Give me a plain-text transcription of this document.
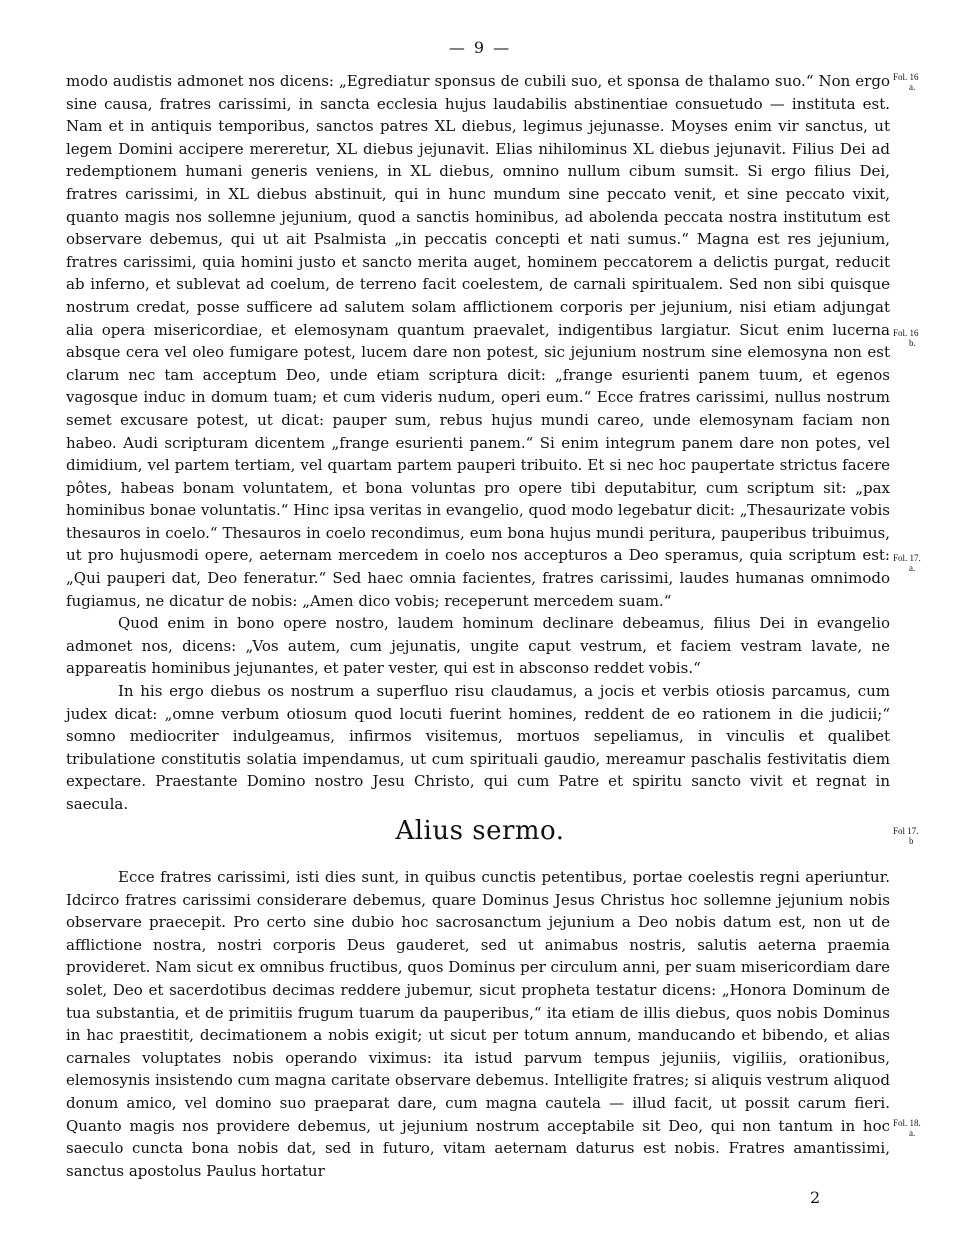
— 9 —

modo audistis admonet nos dicens: „Egrediatur sponsus de cubili suo, et sponsa de thalamo suo.“ Non ergo sine causa, fratres carissimi, in sancta ecclesia hujus laudabilis abstinentiae consuetudo — instituta est. Nam et in antiquis temporibus, sanctos patres XL diebus, legimus jejunasse. Moyses enim vir sanctus, ut legem Domini accipere mereretur, XL diebus jejunavit. Elias nihilominus XL diebus jejunavit. Filius Dei ad redemptionem humani generis veniens, in XL diebus, omnino nullum cibum sumsit. Si ergo filius Dei, fratres carissimi, in XL diebus abstinuit, qui in hunc mundum sine peccato venit, et sine peccato vixit, quanto magis nos sollemne jejunium, quod a sanctis hominibus, ad abolenda peccata nostra institutum est observare debemus, qui ut ait Psalmista „in peccatis concepti et nati sumus.“ Magna est res jejunium, fratres carissimi, quia homini justo et sancto merita auget, hominem peccatorem a delictis purgat, reducit ab inferno, et sublevat ad coelum, de terreno facit coelestem, de carnali spiritualem. Sed non sibi quisque nostrum credat, posse sufficere ad salutem solam afflictionem corporis per jejunium, nisi etiam adjungat alia opera misericordiae, et elemosynam quantum praevalet, indigentibus largiatur. Sicut enim lucerna absque cera vel oleo fumigare potest, lucem dare non potest, sic jejunium nostrum sine elemosyna non est clarum nec tam acceptum Deo, unde etiam scriptura dicit: „frange esurienti panem tuum, et egenos vagosque induc in domum tuam; et cum videris nudum, operi eum.“ Ecce fratres carissimi, nullus nostrum semet excusare potest, ut dicat: pauper sum, rebus hujus mundi careo, unde elemosynam faciam non habeo. Audi scripturam dicentem „frange esurienti panem.“ Si enim integrum panem dare non potes, vel dimidium, vel partem tertiam, vel quartam partem pauperi tribuito. Et si nec hoc paupertate strictus facere pôtes, habeas bonam voluntatem, et bona voluntas pro opere tibi deputabitur, cum scriptum sit: „pax hominibus bonae voluntatis.“ Hinc ipsa veritas in evangelio, quod modo legebatur dicit: „Thesaurizate vobis thesauros in coelo.“ Thesauros in coelo recondimus, eum bona hujus mundi peritura, pauperibus tribuimus, ut pro hujusmodi opere, aeternam mercedem in coelo nos accepturos a Deo speramus, quia scriptum est: „Qui pauperi dat, Deo feneratur.“ Sed haec omnia facientes, fratres carissimi, laudes humanas omnimodo fugiamus, ne dicatur de nobis: „Amen dico vobis; receperunt mercedem suam.“

Quod enim in bono opere nostro, laudem hominum declinare debeamus, filius Dei in evangelio admonet nos, dicens: „Vos autem, cum jejunatis, ungite caput vestrum, et faciem vestram lavate, ne appareatis hominibus jejunantes, et pater vester, qui est in absconso reddet vobis.“

In his ergo diebus os nostrum a superfluo risu claudamus, a jocis et verbis otiosis parcamus, cum judex dicat: „omne verbum otiosum quod locuti fuerint homines, reddent de eo rationem in die judicii;“ somno mediocriter indulgeamus, infirmos visitemus, mortuos sepeliamus, in vinculis et qualibet tribulatione constitutis solatia impendamus, ut cum spirituali gaudio, mereamur paschalis festivitatis diem expectare. Praestante Domino nostro Jesu Christo, qui cum Patre et spiritu sancto vivit et regnat in saecula.

Alius sermo.

Ecce fratres carissimi, isti dies sunt, in quibus cunctis petentibus, portae coelestis regni aperiuntur. Idcirco fratres carissimi considerare debemus, quare Dominus Jesus Christus hoc sollemne jejunium nobis observare praecepit. Pro certo sine dubio hoc sacrosanctum jejunium a Deo nobis datum est, non ut de afflictione nostra, nostri corporis Deus gauderet, sed ut animabus nostris, salutis aeterna praemia provideret. Nam sicut ex omnibus fructibus, quos Dominus per circulum anni, per suam misericordiam dare solet, Deo et sacerdotibus decimas reddere jubemur, sicut propheta testatur dicens: „Honora Dominum de tua substantia, et de primitiis frugum tuarum da pauperibus,“ ita etiam de illis diebus, quos nobis Dominus in hac praestitit, decimationem a nobis exigit; ut sicut per totum annum, manducando et bibendo, et alias carnales voluptates nobis operando viximus: ita istud parvum tempus jejuniis, vigiliis, orationibus, elemosynis insistendo cum magna caritate observare debemus. Intelligite fratres; si aliquis vestrum aliquod donum amico, vel domino suo praeparat dare, cum magna cautela — illud facit, ut possit carum fieri. Quanto magis nos providere debemus, ut jejunium nostrum acceptabile sit Deo, qui non tantum in hoc saeculo cuncta bona nobis dat, sed in futuro, vitam aeternam daturus est nobis. Fratres amantissimi, sanctus apostolus Paulus hortatur

Fol. 16
a.
Fol. 16
b.
Fol. 17.
a.
Fol 17.
b
Fol. 18.
a.
2
